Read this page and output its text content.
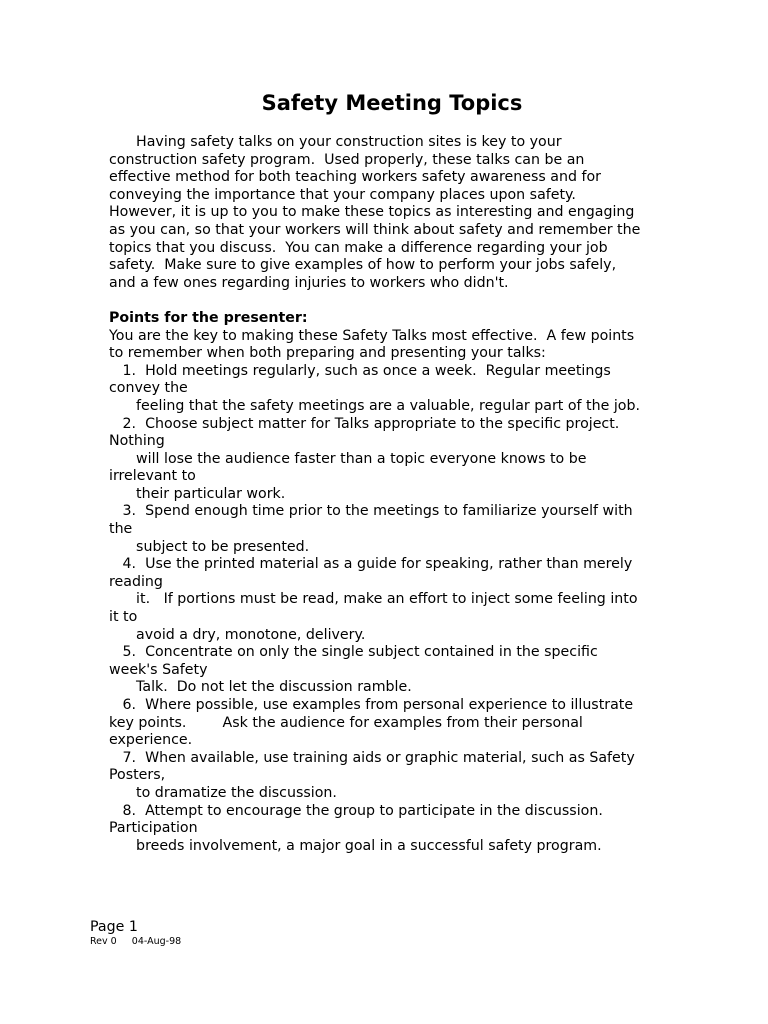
Safety Meeting Topics
Having safety talks on your construction sites is key to your
construction safety program.  Used properly, these talks can be an
effective method for both teaching workers safety awareness and for
conveying the importance that your company places upon safety.
However, it is up to you to make these topics as interesting and engaging
as you can, so that your workers will think about safety and remember the
topics that you discuss.  You can make a difference regarding your job
safety.  Make sure to give examples of how to perform your jobs safely,
and a few ones regarding injuries to workers who didn't.
Points for the presenter:
You are the key to making these Safety Talks most effective.  A few points
to remember when both preparing and presenting your talks:
1.  Hold meetings regularly, such as once a week.  Regular meetings
convey the
feeling that the safety meetings are a valuable, regular part of the job.
2.  Choose subject matter for Talks appropriate to the specific project.
Nothing
will lose the audience faster than a topic everyone knows to be
irrelevant to
their particular work.
3.  Spend enough time prior to the meetings to familiarize yourself with
the
subject to be presented.
4.  Use the printed material as a guide for speaking, rather than merely
reading
it.   If portions must be read, make an effort to inject some feeling into
it to
avoid a dry, monotone, delivery.
5.  Concentrate on only the single subject contained in the specific
week's Safety
Talk.  Do not let the discussion ramble.
6.  Where possible, use examples from personal experience to illustrate
key points.        Ask the audience for examples from their personal
experience.
7.  When available, use training aids or graphic material, such as Safety
Posters,
to dramatize the discussion.
8.  Attempt to encourage the group to participate in the discussion.
Participation
breeds involvement, a major goal in a successful safety program.
Page 1
Rev 0     04-Aug-98
